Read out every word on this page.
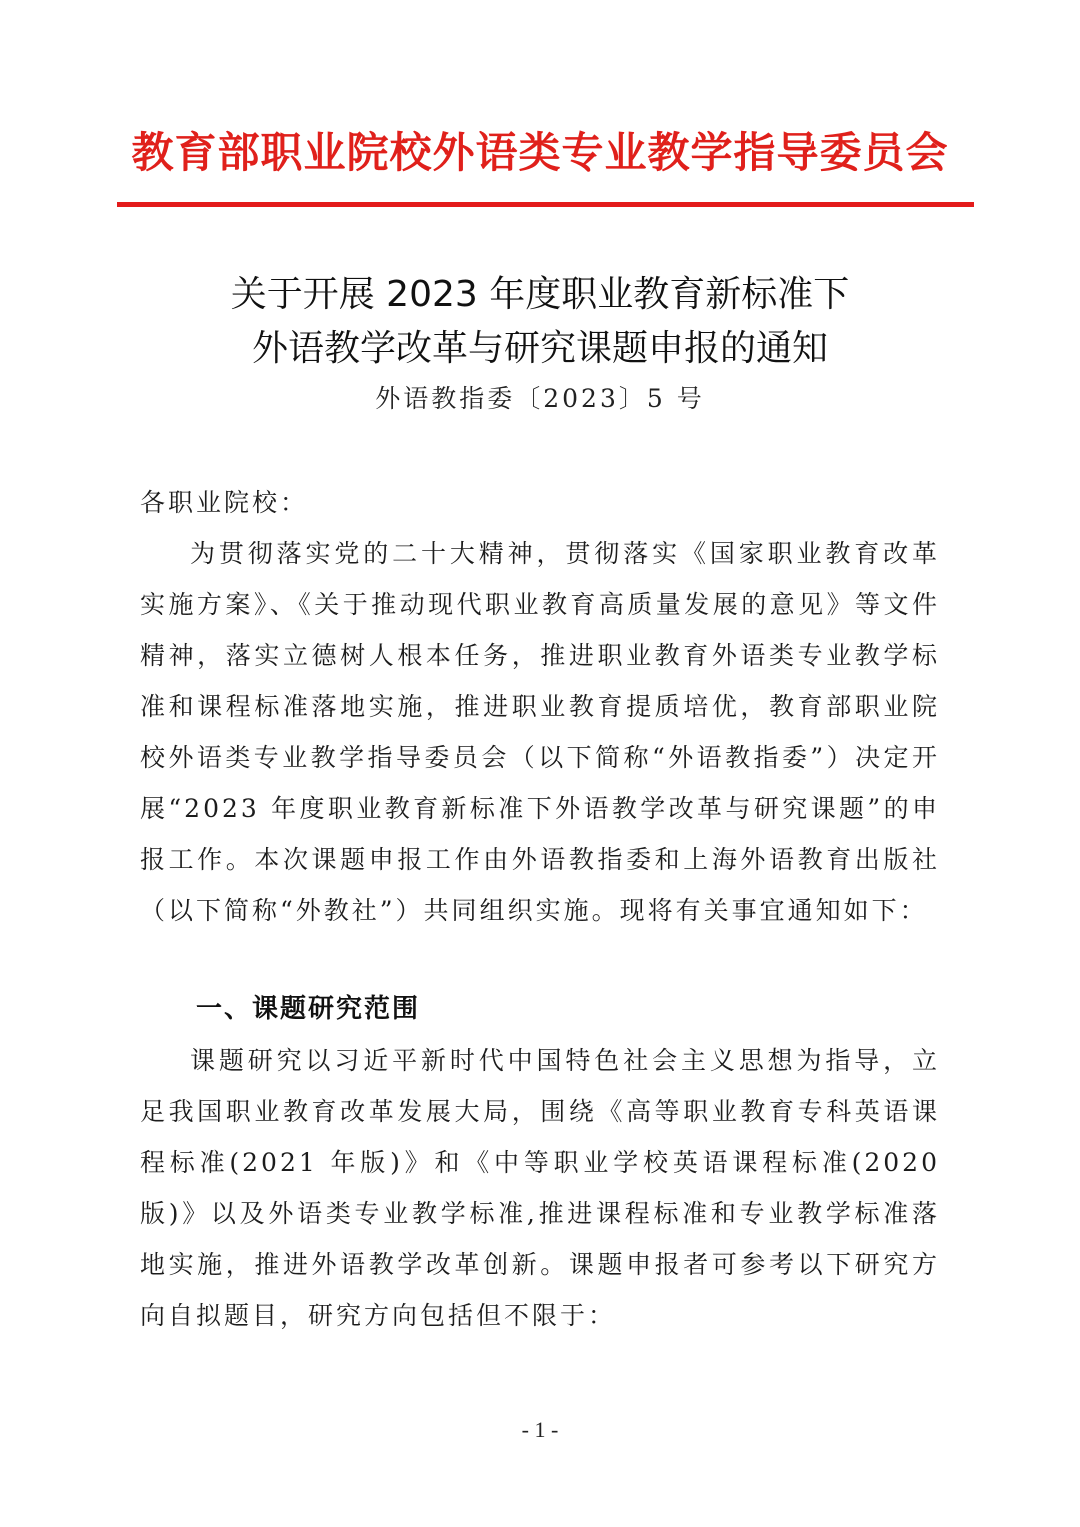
教育部职业院校外语类专业教学指导委员会
关于开展 2023 年度职业教育新标准下
外语教学改革与研究课题申报的通知
外语教指委〔2023〕5 号
各职业院校：
为贯彻落实党的二十大精神，贯彻落实《国家职业教育改革实施方案》、《关于推动现代职业教育高质量发展的意见》等文件精神，落实立德树人根本任务，推进职业教育外语类专业教学标准和课程标准落地实施，推进职业教育提质培优，教育部职业院校外语类专业教学指导委员会（以下简称“外语教指委”）决定开展“2023 年度职业教育新标准下外语教学改革与研究课题”的申报工作。本次课题申报工作由外语教指委和上海外语教育出版社（以下简称“外教社”）共同组织实施。现将有关事宜通知如下：
一、课题研究范围
课题研究以习近平新时代中国特色社会主义思想为指导，立足我国职业教育改革发展大局，围绕《高等职业教育专科英语课程标准(2021 年版)》和《中等职业学校英语课程标准(2020 版)》以及外语类专业教学标准,推进课程标准和专业教学标准落地实施，推进外语教学改革创新。课题申报者可参考以下研究方向自拟题目，研究方向包括但不限于：
- 1 -
